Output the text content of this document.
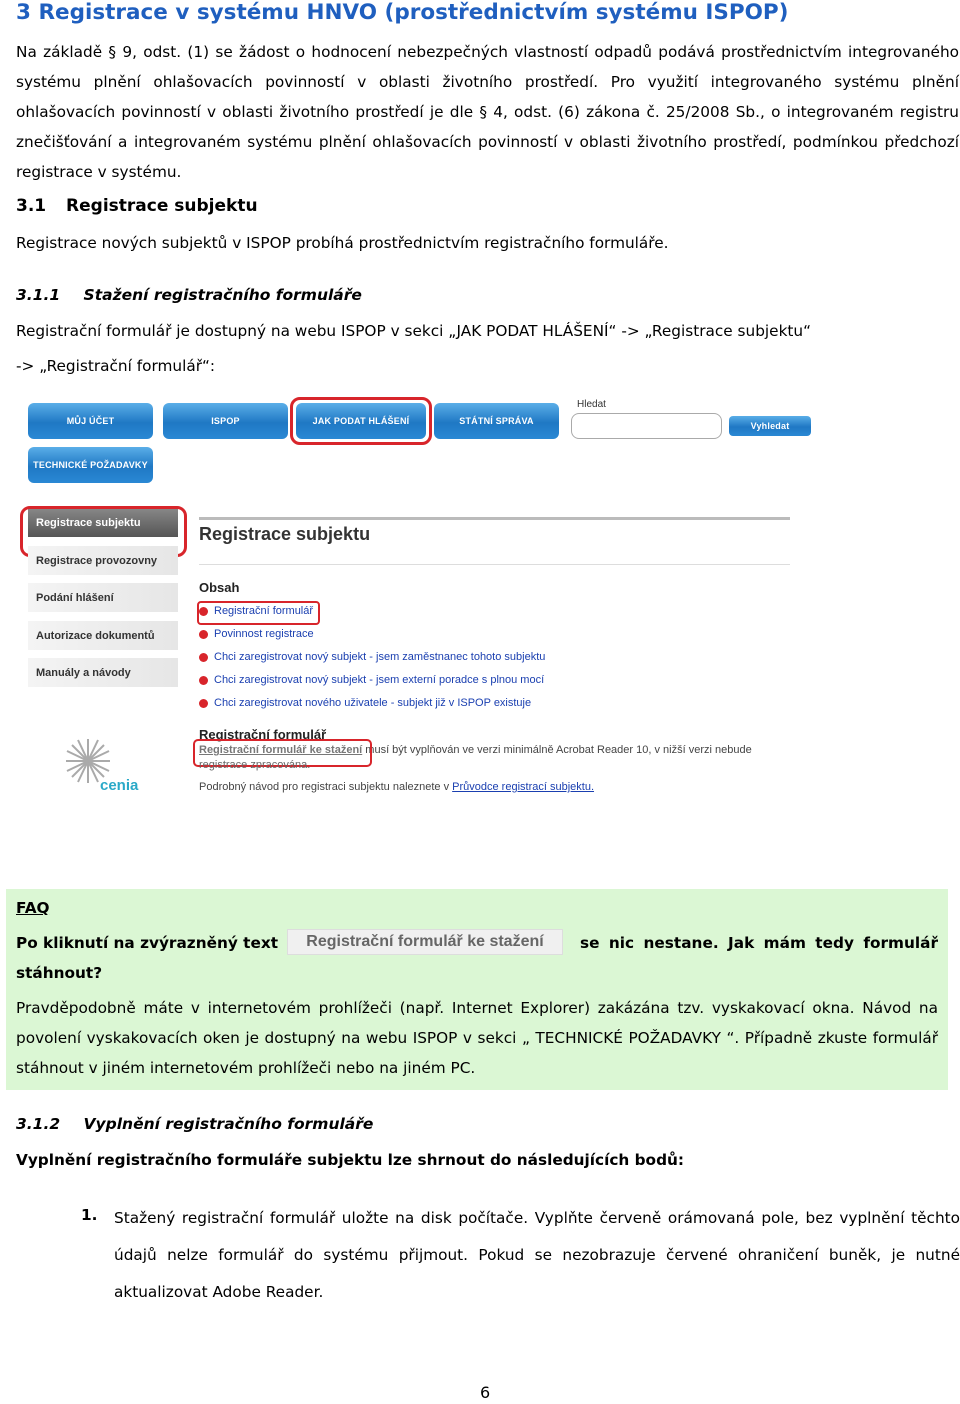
3 Registrace v systému HNVO (prostřednictvím systému ISPOP)
Na základě § 9, odst. (1) se žádost o hodnocení nebezpečných vlastností odpadů podává prostřednictvím integrovaného systému plnění ohlašovacích povinností v oblasti životního prostředí. Pro využití integrovaného systému plnění ohlašovacích povinností v oblasti životního prostředí je dle § 4, odst. (6) zákona č. 25/2008 Sb., o integrovaném registru znečišťování a integrovaném systému plnění ohlašovacích povinností v oblasti životního prostředí, podmínkou předchozí registrace v systému.
3.1 Registrace subjektu
Registrace nových subjektů v ISPOP probíhá prostřednictvím registračního formuláře.
3.1.1 Stažení registračního formuláře
Registrační formulář je dostupný na webu ISPOP v sekci „JAK PODAT HLÁŠENÍ“ -> „Registrace subjektu“
-> „Registrační formulář“:
MŮJ ÚČET	ISPOP	JAK PODAT HLÁŠENÍ	STÁTNÍ SPRÁVA
TECHNICKÉ POŽADAVKY
Hledat
Vyhledat
Registrace subjektu
Registrace provozovny
Podání hlášení
Autorizace dokumentů
Manuály a návody
cenia
Registrace subjektu
Obsah
Registrační formulář
Povinnost registrace
Chci zaregistrovat nový subjekt - jsem zaměstnanec tohoto subjektu
Chci zaregistrovat nový subjekt - jsem externí poradce s plnou mocí
Chci zaregistrovat nového uživatele - subjekt již v ISPOP existuje
Registrační formulář
Registrační formulář ke stažení musí být vyplňován ve verzi minimálně Acrobat Reader 10, v nižší verzi nebude
registrace zpracována.
Podrobný návod pro registraci subjektu naleznete v Průvodce registrací subjektu.
FAQ
Po kliknutí na zvýrazněný text	Registrační formulář ke stažení	se nic nestane. Jak mám tedy formulář
stáhnout?
Pravděpodobně máte v internetovém prohlížeči (např. Internet Explorer) zakázána tzv. vyskakovací okna. Návod na povolení vyskakovacích oken je dostupný na webu ISPOP v sekci „ TECHNICKÉ POŽADAVKY “. Případně zkuste formulář stáhnout v jiném internetovém prohlížeči nebo na jiném PC.
3.1.2 Vyplnění registračního formuláře
Vyplnění registračního formuláře subjektu lze shrnout do následujících bodů:
1. Stažený registrační formulář uložte na disk počítače. Vyplňte červeně orámovaná pole, bez vyplnění těchto údajů nelze formulář do systému přijmout. Pokud se nezobrazuje červené ohraničení buněk, je nutné aktualizovat Adobe Reader.
6
